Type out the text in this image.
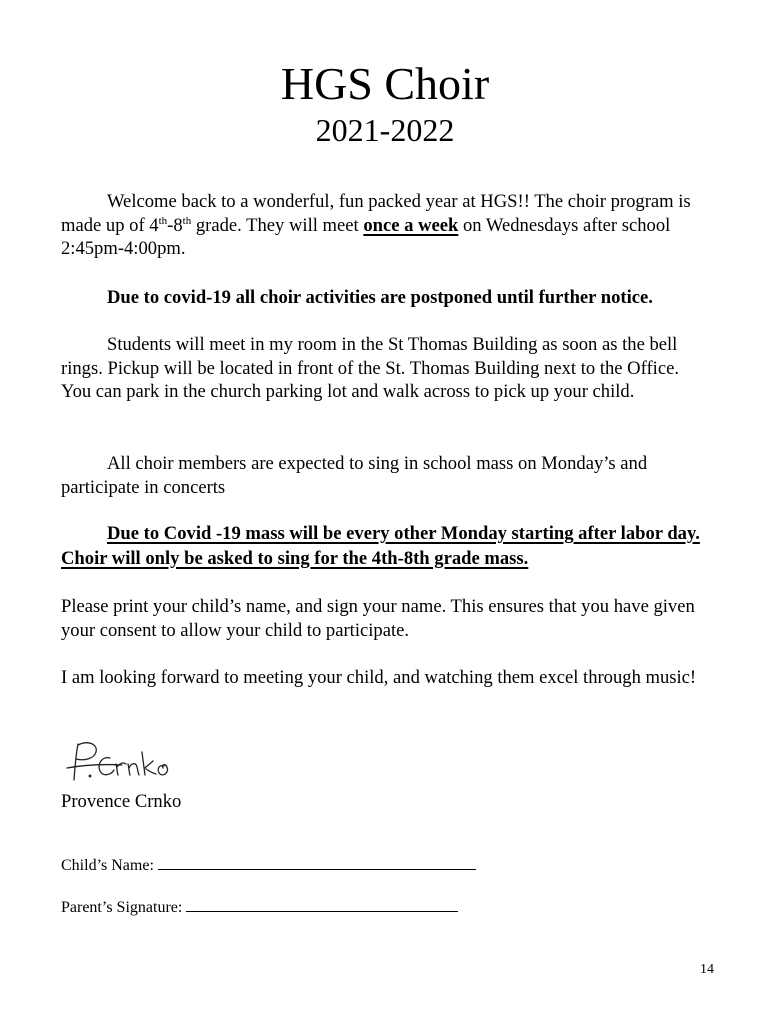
HGS Choir
2021-2022

Welcome back to a wonderful, fun packed year at HGS!! The choir program is made up of 4th-8th grade. They will meet once a week on Wednesdays after school 2:45pm-4:00pm.

Due to covid-19 all choir activities are postponed until further notice.

Students will meet in my room in the St Thomas Building as soon as the bell rings. Pickup will be located in front of the St. Thomas Building next to the Office. You can park in the church parking lot and walk across to pick up your child.

All choir members are expected to sing in school mass on Monday’s and participate in concerts

Due to Covid -19 mass will be every other Monday starting after labor day. Choir will only be asked to sing for the 4th-8th grade mass.

Please print your child’s name, and sign your name. This ensures that you have given your consent to allow your child to participate.

I am looking forward to meeting your child, and watching them excel through music!

Provence Crnko
Child’s Name:
Parent’s Signature:
14
